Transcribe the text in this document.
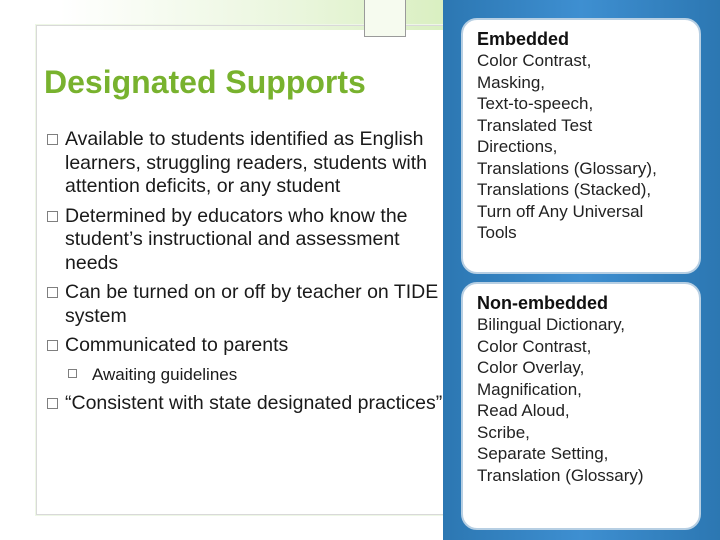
Designated Supports

Available to students identified as English learners, struggling readers, students with attention deficits, or any student

Determined by educators who know the student’s instructional and assessment needs

Can be turned on or off by teacher on TIDE system

Communicated to parents

Awaiting guidelines

“Consistent with state designated practices”

Embedded

Color Contrast,

Masking,

Text-to-speech,

Translated Test

Directions,

Translations (Glossary),

Translations (Stacked),

Turn off Any Universal

Tools

Non-embedded

Bilingual Dictionary,

Color Contrast,

Color Overlay,

Magnification,

Read Aloud,

Scribe,

Separate Setting,

Translation (Glossary)
